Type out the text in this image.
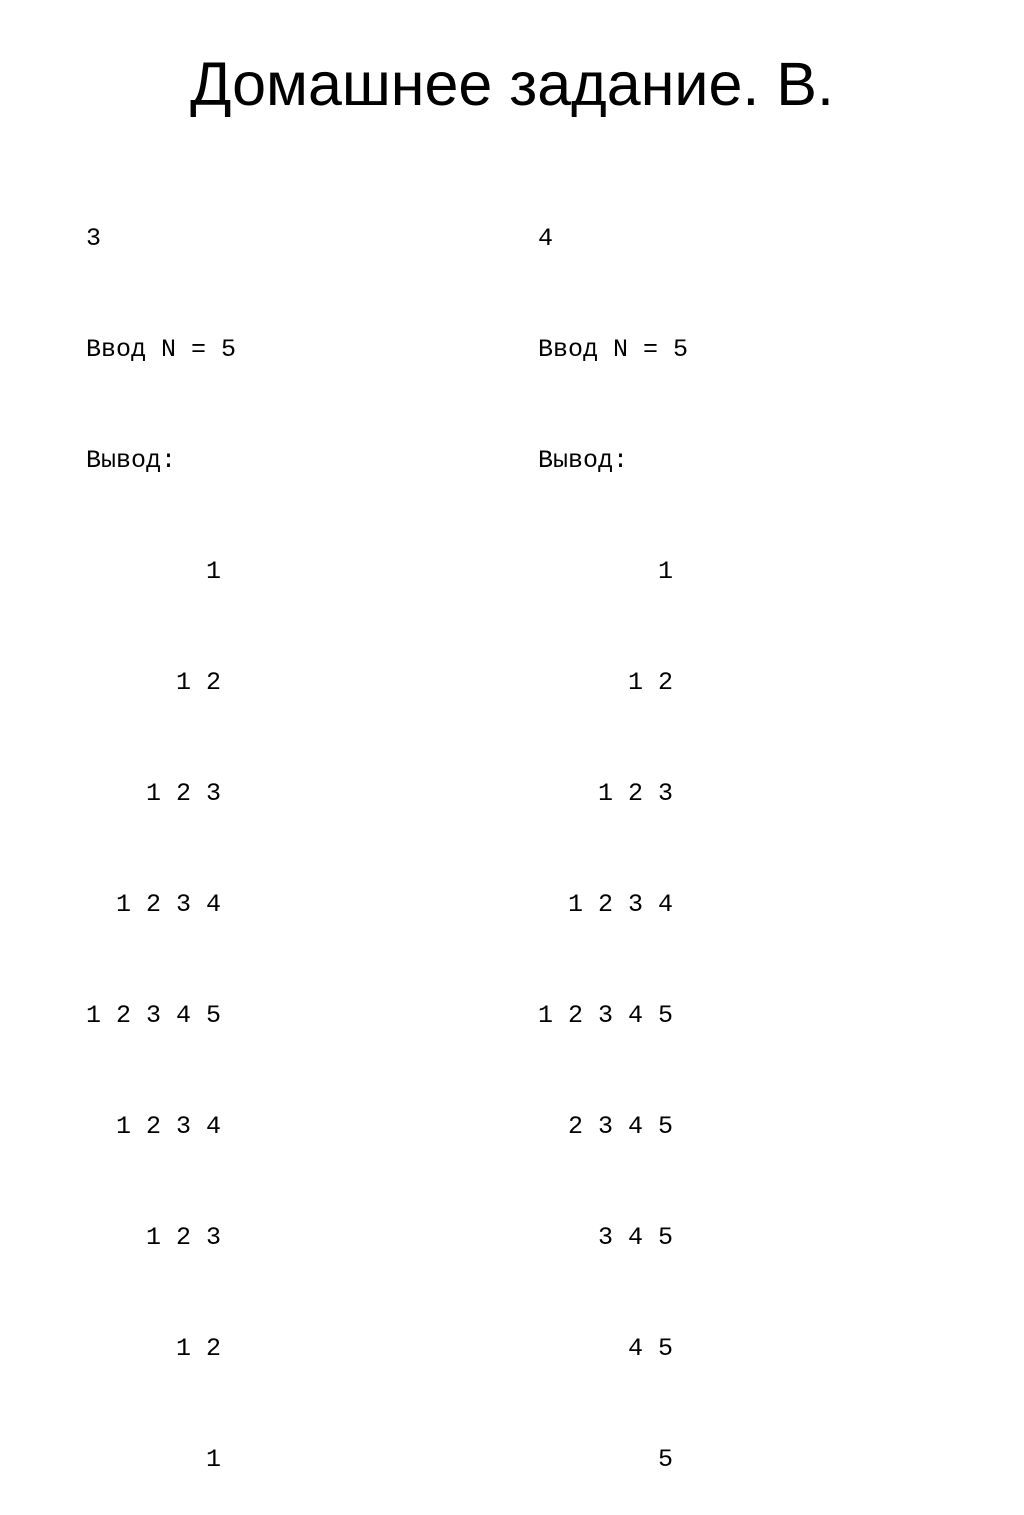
Домашнее задание. В.

3

Ввод N = 5

Вывод:

1

1 2

1 2 3

1 2 3 4

1 2 3 4 5

1 2 3 4

1 2 3

1 2

1

4

Ввод N = 5

Вывод:

1

1 2

1 2 3

1 2 3 4

1 2 3 4 5

2 3 4 5

3 4 5

4 5

5
